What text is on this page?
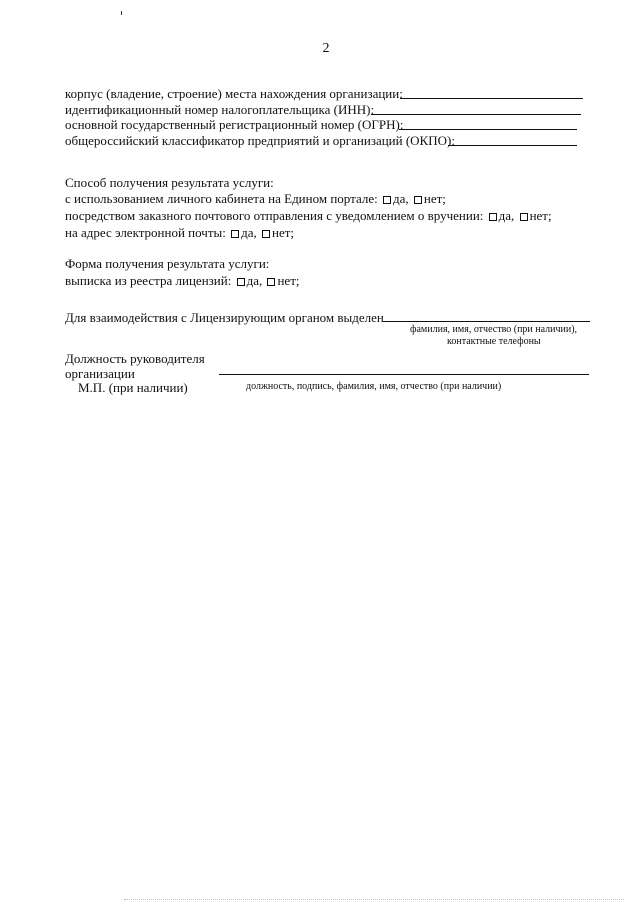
2
корпус (владение, строение) места нахождения организации:
идентификационный номер налогоплательщика (ИНН):
основной государственный регистрационный номер (ОГРН):
общероссийский классификатор предприятий и организаций (ОКПО):
Способ получения результата услуги:
с использованием личного кабинета на Едином портале: да, нет;
посредством заказного почтового отправления с уведомлением о вручении: да, нет;
на адрес электронной почты: да, нет;
Форма получения результата услуги:
выписка из реестра лицензий: да, нет;
Для взаимодействия с Лицензирующим органом выделен
фамилия, имя, отчество (при наличии),
контактные телефоны
Должность руководителя
организации
М.П. (при наличии)	должность, подпись, фамилия, имя, отчество (при наличии)
